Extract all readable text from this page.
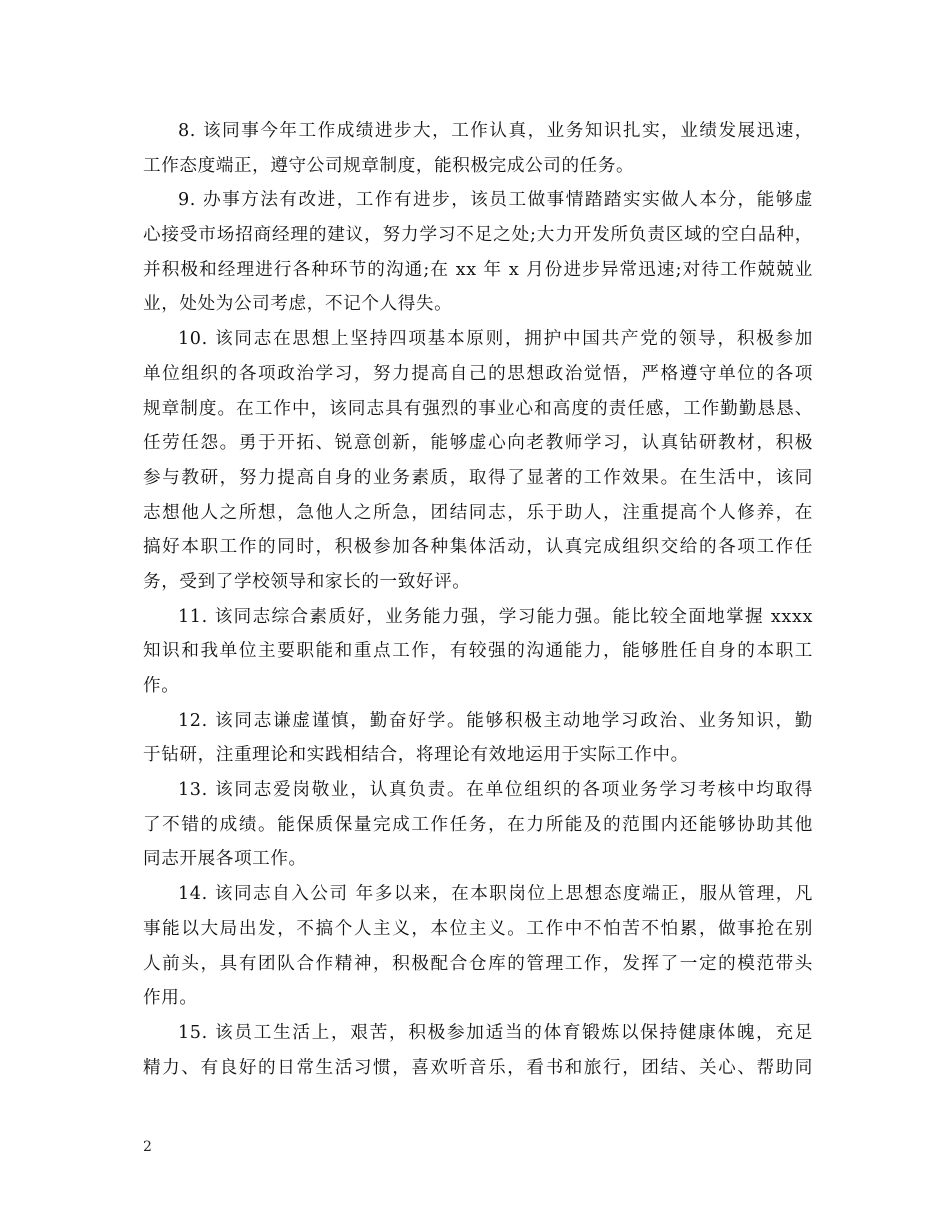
8. 该同事今年工作成绩进步大，工作认真，业务知识扎实，业绩发展迅速，
工作态度端正，遵守公司规章制度，能积极完成公司的任务。
9. 办事方法有改进，工作有进步，该员工做事情踏踏实实做人本分，能够虚
心接受市场招商经理的建议，努力学习不足之处;大力开发所负责区域的空白品种，
并积极和经理进行各种环节的沟通;在 xx 年 x 月份进步异常迅速;对待工作兢兢业
业，处处为公司考虑，不记个人得失。
10. 该同志在思想上坚持四项基本原则，拥护中国共产党的领导，积极参加
单位组织的各项政治学习，努力提高自己的思想政治觉悟，严格遵守单位的各项
规章制度。在工作中，该同志具有强烈的事业心和高度的责任感，工作勤勤恳恳、
任劳任怨。勇于开拓、锐意创新，能够虚心向老教师学习，认真钻研教材，积极
参与教研，努力提高自身的业务素质，取得了显著的工作效果。在生活中，该同
志想他人之所想，急他人之所急，团结同志，乐于助人，注重提高个人修养，在
搞好本职工作的同时，积极参加各种集体活动，认真完成组织交给的各项工作任
务，受到了学校领导和家长的一致好评。
11. 该同志综合素质好，业务能力强，学习能力强。能比较全面地掌握 xxxx
知识和我单位主要职能和重点工作，有较强的沟通能力，能够胜任自身的本职工
作。
12. 该同志谦虚谨慎，勤奋好学。能够积极主动地学习政治、业务知识，勤
于钻研，注重理论和实践相结合，将理论有效地运用于实际工作中。
13. 该同志爱岗敬业，认真负责。在单位组织的各项业务学习考核中均取得
了不错的成绩。能保质保量完成工作任务，在力所能及的范围内还能够协助其他
同志开展各项工作。
14. 该同志自入公司 年多以来，在本职岗位上思想态度端正，服从管理，凡
事能以大局出发，不搞个人主义，本位主义。工作中不怕苦不怕累，做事抢在别
人前头，具有团队合作精神，积极配合仓库的管理工作，发挥了一定的模范带头
作用。
15. 该员工生活上，艰苦，积极参加适当的体育锻炼以保持健康体魄，充足
精力、有良好的日常生活习惯，喜欢听音乐，看书和旅行，团结、关心、帮助同
2
